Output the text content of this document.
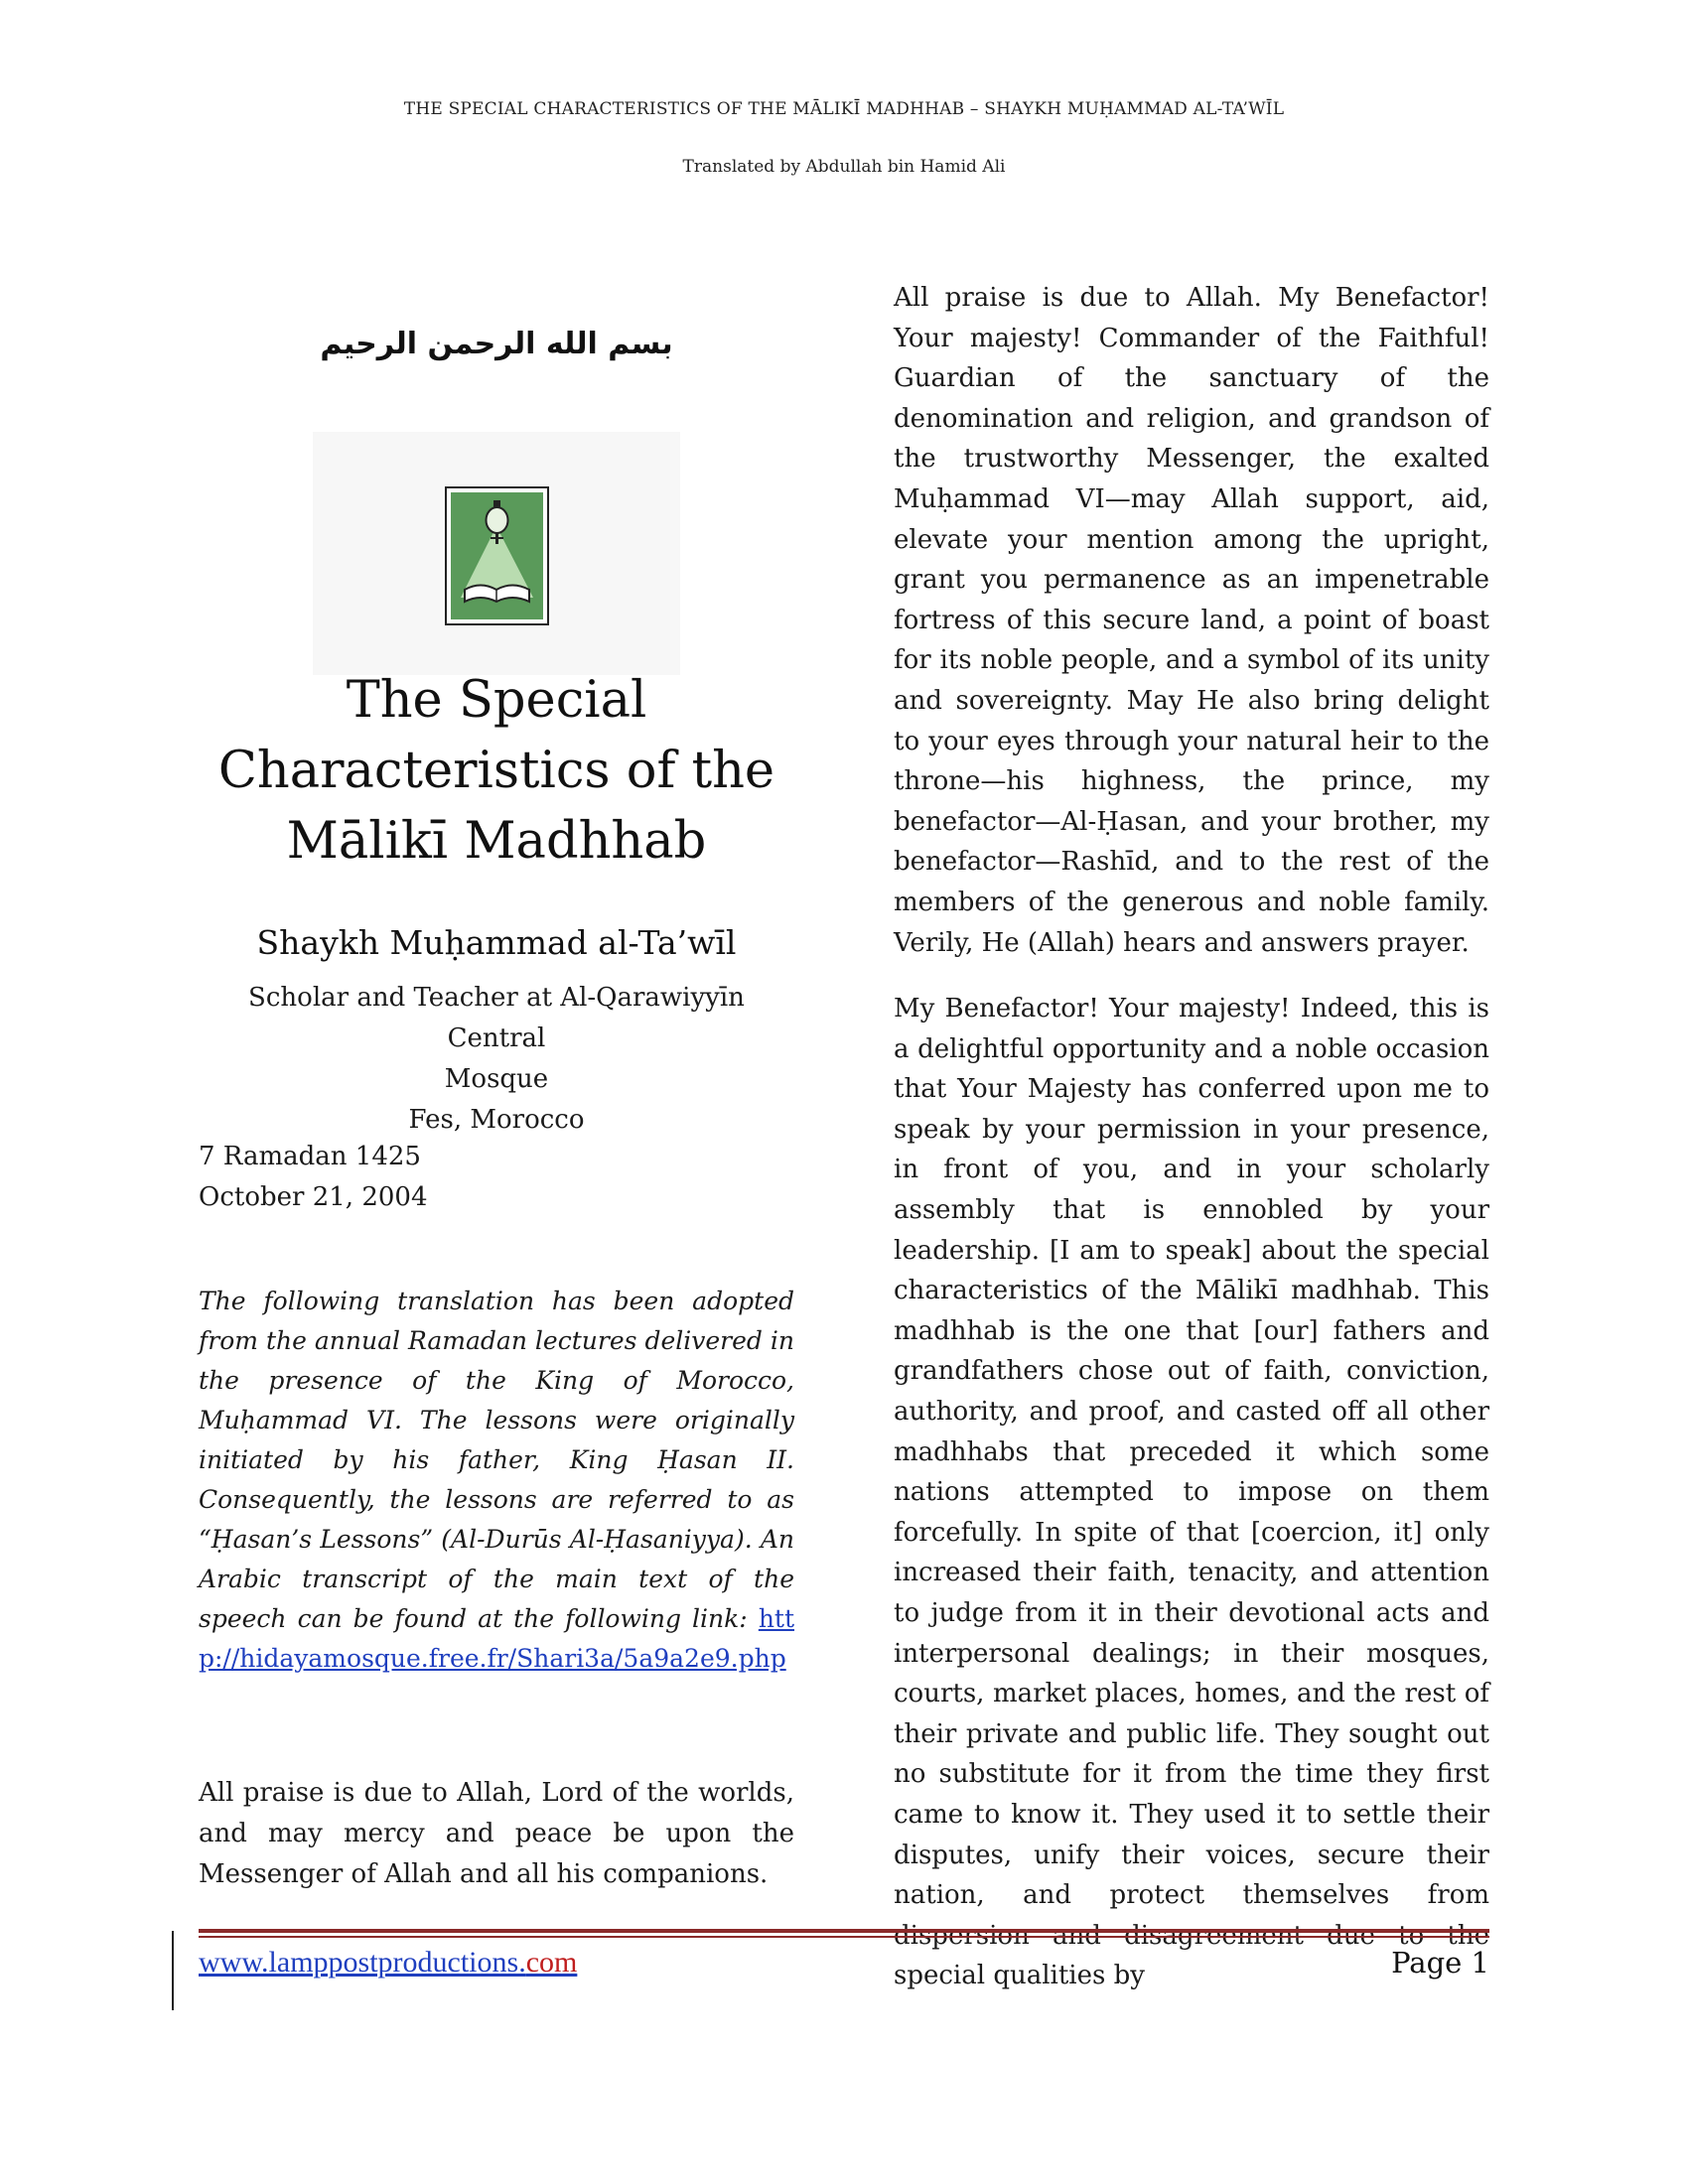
THE SPECIAL CHARACTERISTICS OF THE MĀLIKĪ MADHHAB – SHAYKH MUḤAMMAD AL-TA’WĪL
Translated by Abdullah bin Hamid Ali
بسم الله الرحمن الرحيم
The Special
Characteristics of the
Mālikī Madhhab
Shaykh Muḥammad al-Ta’wīl
Scholar and Teacher at Al-Qarawiyyīn Central
Mosque
Fes, Morocco
7 Ramadan 1425
October 21, 2004
The following translation has been adopted from the annual Ramadan lectures delivered in the presence of the King of Morocco, Muḥammad VI. The lessons were originally initiated by his father, King Ḥasan II. Consequently, the lessons are referred to as “Ḥasan’s Lessons” (Al-Durūs Al-Ḥasaniyya). An Arabic transcript of the main text of the speech can be found at the following link: http://hidayamosque.free.fr/Shari3a/5a9a2e9.php
All praise is due to Allah, Lord of the worlds, and may mercy and peace be upon the Messenger of Allah and all his companions.

All praise is due to Allah. My Benefactor! Your majesty! Commander of the Faithful! Guardian of the sanctuary of the denomination and religion, and grandson of the trustworthy Messenger, the exalted Muḥammad VI—may Allah support, aid, elevate your mention among the upright, grant you permanence as an impenetrable fortress of this secure land, a point of boast for its noble people, and a symbol of its unity and sovereignty. May He also bring delight to your eyes through your natural heir to the throne—his highness, the prince, my benefactor—Al-Ḥasan, and your brother, my benefactor—Rashīd, and to the rest of the members of the generous and noble family. Verily, He (Allah) hears and answers prayer.

My Benefactor! Your majesty! Indeed, this is a delightful opportunity and a noble occasion that Your Majesty has conferred upon me to speak by your permission in your presence, in front of you, and in your scholarly assembly that is ennobled by your leadership. [I am to speak] about the special characteristics of the Mālikī madhhab. This madhhab is the one that [our] fathers and grandfathers chose out of faith, conviction, authority, and proof, and casted off all other madhhabs that preceded it which some nations attempted to impose on them forcefully. In spite of that [coercion, it] only increased their faith, tenacity, and attention to judge from it in their devotional acts and interpersonal dealings; in their mosques, courts, market places, homes, and the rest of their private and public life. They sought out no substitute for it from the time they first came to know it. They used it to settle their disputes, unify their voices, secure their nation, and protect themselves from special qualities by

www.lamppostproductions.com	Page 1
